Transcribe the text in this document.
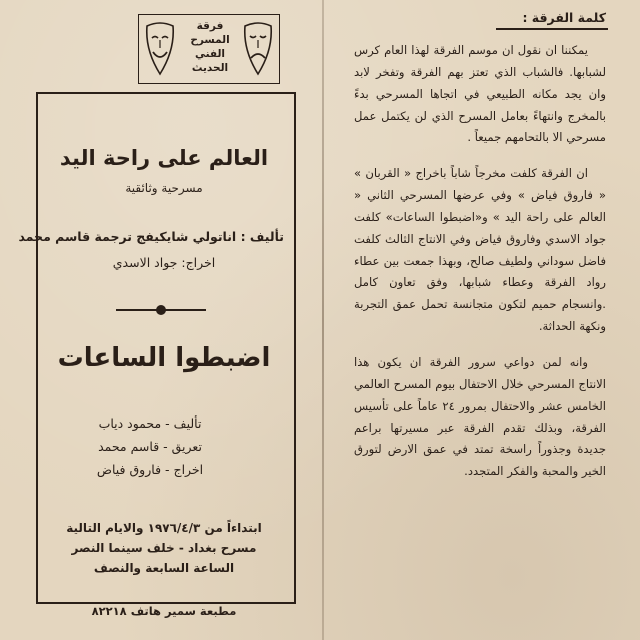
فرقة
المسرح
الفني
الحديث
العالم على راحة اليد
مسرحية وثائقية
تأليف : اناتولي شايكيفج ترجمة قاسم محمد
اخراج: جواد الاسدي
اضبطوا الساعات
تأليف - محمود دياب
تعريق - قاسم محمد
اخراج - فاروق فياض
ابتداءاً من ١٩٧٦/٤/٣ والايام التالية
مسرح بغداد - خلف سينما النصر
الساعة السابعة والنصف
مطبعة سمير هاتف ٨٢٢١٨
كلمة الفرقة :

يمكننا ان نقول ان موسم الفرقة لهذا العام كرس لشبابها. فالشباب الذي تعتز بهم الفرقة وتفخر لابد وان يجد مكانه الطبيعي في اتجاها المسرحي بدءً بالمخرج وانتهاءً بعامل المسرح الذي لن يكتمل عمل مسرحي الا بالتحامهم جميعاً .

ان الفرقة كلفت مخرجاً شاباً باخراج « القربان » « فاروق فياض » وفي عرضها المسرحي الثاني « العالم على راحة اليد » و«اضبطوا الساعات» كلفت جواد الاسدي وفاروق فياض وفي الانتاج الثالث كلفت فاضل سوداني ولطيف صالح، وبهذا جمعت بين عطاء رواد الفرقة وعطاء شبابها، وفق تعاون كامل .وانسجام حميم لتكون متجانسة تحمل عمق التجربة ونكهة الحداثة.

وانه لمن دواعي سرور الفرقة ان يكون هذا الانتاج المسرحي خلال الاحتفال بيوم المسرح العالمي الخامس عشر والاحتفال بمرور ٢٤ عاماً على تأسيس الفرقة، وبذلك تقدم الفرقة عبر مسيرتها براعم جديدة وجذوراً راسخة تمتد في عمق الارض لتورق الخير والمحبة والفكر المتجدد.
